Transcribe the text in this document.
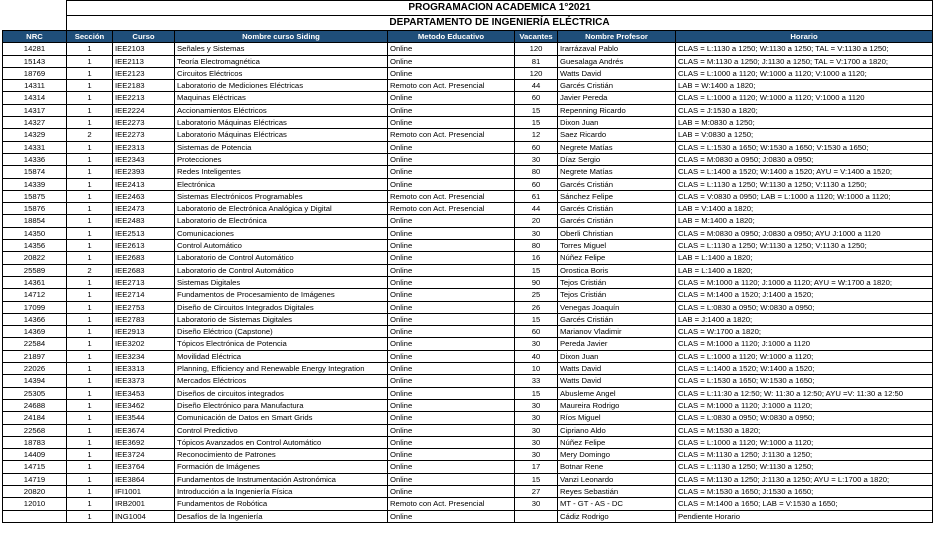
	PROGRAMACION ACADEMICA 1°2021						
	DEPARTAMENTO DE INGENIERÍA ELÉCTRICA						
NRC	Sección	Curso	Nombre curso Siding	Metodo Educativo	Vacantes	Nombre Profesor	Horario
14281	1	IEE2103	Señales y Sistemas	Online	120	Irarrázaval Pablo	CLAS = L:1130 a 1250; W:1130 a 1250; TAL = V:1130 a 1250;
15143	1	IEE2113	Teoría Electromagnética	Online	81	Guesalaga Andrés	CLAS = M:1130 a 1250; J:1130 a 1250; TAL = V:1700 a 1820;
18769	1	IEE2123	Circuitos Eléctricos	Online	120	Watts David	CLAS = L:1000 a 1120; W:1000 a 1120; V:1000 a 1120;
14311	1	IEE2183	Laboratorio de Mediciones Eléctricas	Remoto con Act. Presencial	44	Garcés Cristián	LAB = W:1400 a 1820;
14314	1	IEE2213	Maquinas Eléctricas	Online	60	Javier Pereda	CLAS = L:1000 a 1120; W:1000 a 1120; V:1000 a 1120
14317	1	IEE2224	Accionamientos Eléctricos	Online	15	Repenning Ricardo	CLAS = J:1530 a 1820;
14327	1	IEE2273	Laboratorio Máquinas Eléctricas	Online	15	Dixon Juan	LAB = M:0830 a 1250;
14329	2	IEE2273	Laboratorio Máquinas Eléctricas	Remoto con Act. Presencial	12	Saez Ricardo	LAB = V:0830 a 1250;
14331	1	IEE2313	Sistemas de Potencia	Online	60	Negrete Matías	CLAS = L:1530 a 1650; W:1530 a 1650; V:1530 a 1650;
14336	1	IEE2343	Protecciones	Online	30	Díaz Sergio	CLAS = M:0830 a 0950; J:0830 a 0950;
15874	1	IEE2393	Redes Inteligentes	Online	80	Negrete Matías	CLAS = L:1400 a 1520; W:1400 a 1520; AYU = V:1400 a 1520;
14339	1	IEE2413	Electrónica	Online	60	Garcés Cristián	CLAS = L:1130 a 1250; W:1130 a 1250; V:1130 a 1250;
15875	1	IEE2463	Sistemas Electrónicos Programables	Remoto con Act. Presencial	61	Sánchez Felipe	CLAS = V:0830 a 0950; LAB = L:1000 a 1120; W:1000 a 1120;
15876	1	IEE2473	Laboratorio de Electrónica Analógica y Digital	Remoto con Act. Presencial	44	Garcés Cristián	LAB = V:1400 a 1820;
18854	1	IEE2483	Laboratorio de Electrónica	Online	20	Garcés Cristián	LAB = M:1400 a 1820;
14350	1	IEE2513	Comunicaciones	Online	30	Oberli Christian	CLAS = M:0830 a 0950; J:0830 a 0950; AYU J:1000 a 1120
14356	1	IEE2613	Control Automático	Online	80	Torres Miguel	CLAS = L:1130 a 1250; W:1130 a 1250; V:1130 a 1250;
20822	1	IEE2683	Laboratorio de Control Automático	Online	16	Núñez Felipe	LAB = L:1400 a 1820;
25589	2	IEE2683	Laboratorio de Control Automático	Online	15	Orostica Boris	LAB = L:1400 a 1820;
14361	1	IEE2713	Sistemas Digitales	Online	90	Tejos Cristián	CLAS = M:1000 a 1120; J:1000 a 1120; AYU = W:1700 a 1820;
14712	1	IEE2714	Fundamentos de Procesamiento de Imágenes	Online	25	Tejos Cristián	CLAS = M:1400 a 1520; J:1400 a 1520;
17099	1	IEE2753	Diseño de Circuitos Integrados Digitales	Online	26	Venegas Joaquín	CLAS = L:0830 a 0950; W:0830 a 0950;
14366	1	IEE2783	Laboratorio de Sistemas Digitales	Online	15	Garcés Cristián	LAB = J:1400 a 1820;
14369	1	IEE2913	Diseño Eléctrico (Capstone)	Online	60	Marianov Vladimir	CLAS = W:1700 a 1820;
22584	1	IEE3202	Tópicos Electrónica de Potencia	Online	30	Pereda Javier	CLAS = M:1000 a 1120; J:1000 a 1120
21897	1	IEE3234	Movilidad Eléctrica	Online	40	Dixon Juan	CLAS = L:1000 a 1120; W:1000 a 1120;
22026	1	IEE3313	Planning, Efficiency and Renewable Energy Integration	Online	10	Watts David	CLAS = L:1400 a 1520; W:1400 a 1520;
14394	1	IEE3373	Mercados Eléctricos	Online	33	Watts David	CLAS = L:1530 a 1650; W:1530 a 1650;
25305	1	IEE3453	Diseños de circuitos integrados	Online	15	Abusleme Angel	CLAS = L:11:30 a 12:50; W: 11:30 a 12:50; AYU =V: 11:30 a 12:50
24688	1	IEE3462	Diseño Electrónico para Manufactura	Online	30	Maureira Rodrigo	CLAS = M:1000 a 1120; J:1000 a 1120;
24184	1	IEE3544	Comunicación de Datos en Smart Grids	Online	30	Ríos Miguel	CLAS = L:0830 a 0950; W:0830 a 0950;
22568	1	IEE3674	Control Predictivo	Online	30	Cipriano Aldo	CLAS = M:1530 a 1820;
18783	1	IEE3692	Tópicos Avanzados en Control Automático	Online	30	Núñez Felipe	CLAS = L:1000 a 1120; W:1000 a 1120;
14409	1	IEE3724	Reconocimiento de Patrones	Online	30	Mery Domingo	CLAS = M:1130 a 1250; J:1130 a 1250;
14715	1	IEE3764	Formación de Imágenes	Online	17	Botnar Rene	CLAS = L:1130 a 1250; W:1130 a 1250;
14719	1	IEE3864	Fundamentos de Instrumentación Astronómica	Online	15	Vanzi Leonardo	CLAS = M:1130 a 1250; J:1130 a 1250; AYU = L:1700 a 1820;
20820	1	IFI1001	Introducción a la Ingeniería Física	Online	27	Reyes Sebastián	CLAS = M:1530 a 1650; J:1530 a 1650;
12010	1	IRB2001	Fundamentos de Robótica	Remoto con Act. Presencial	30	MT - GT - AS - DC	CLAS = M:1400 a 1650; LAB = V:1530 a 1650;
	1	ING1004	Desafíos de la Ingeniería	Online		Cádiz Rodrigo	Pendiente Horario
